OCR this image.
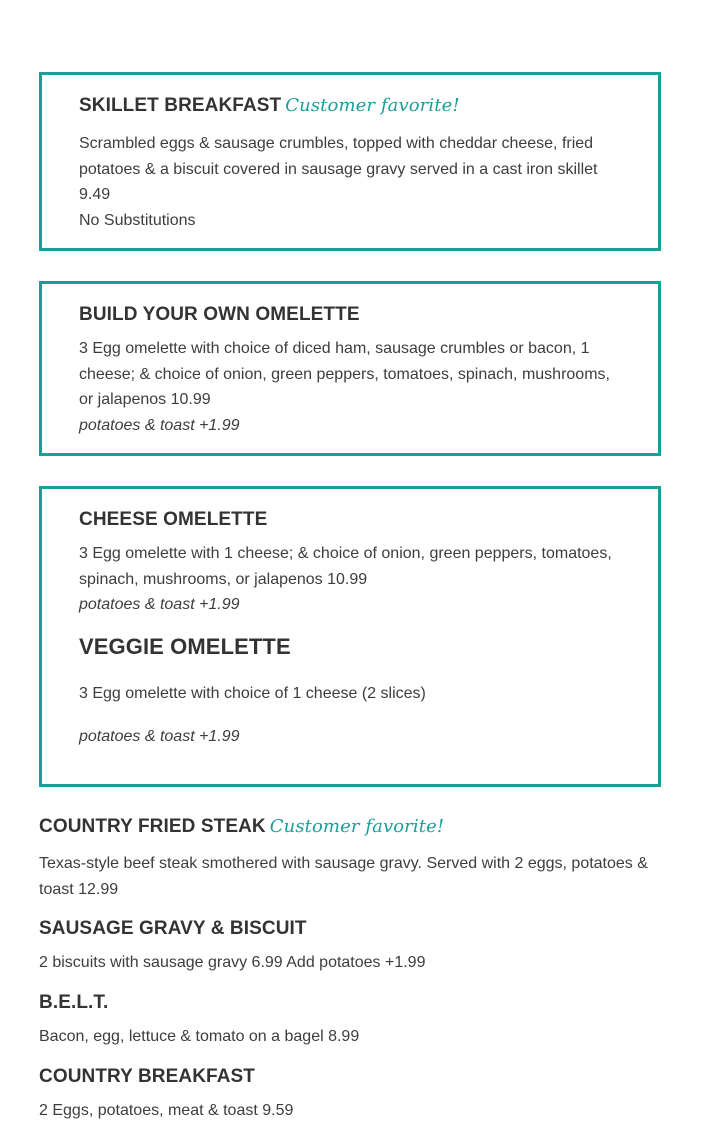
SKILLET BREAKFAST Customer favorite!

Scrambled eggs & sausage crumbles, topped with cheddar cheese, fried potatoes & a biscuit covered in sausage gravy served in a cast iron skillet 9.49

No Substitutions

BUILD YOUR OWN OMELETTE

3 Egg omelette with choice of diced ham, sausage crumbles or bacon, 1 cheese; & choice of onion, green peppers, tomatoes, spinach, mushrooms, or jalapenos 10.99

potatoes & toast +1.99

CHEESE OMELETTE

3 Egg omelette with 1 cheese; & choice of onion, green peppers, tomatoes, spinach, mushrooms, or jalapenos 10.99

potatoes & toast +1.99

VEGGIE OMELETTE

3 Egg omelette with choice of 1 cheese (2 slices)

potatoes & toast +1.99

COUNTRY FRIED STEAK Customer favorite!

Texas-style beef steak smothered with sausage gravy. Served with 2 eggs, potatoes & toast 12.99

SAUSAGE GRAVY & BISCUIT

2 biscuits with sausage gravy 6.99 Add potatoes +1.99

B.E.L.T.

Bacon, egg, lettuce & tomato on a bagel 8.99

COUNTRY BREAKFAST

2 Eggs, potatoes, meat & toast 9.59
